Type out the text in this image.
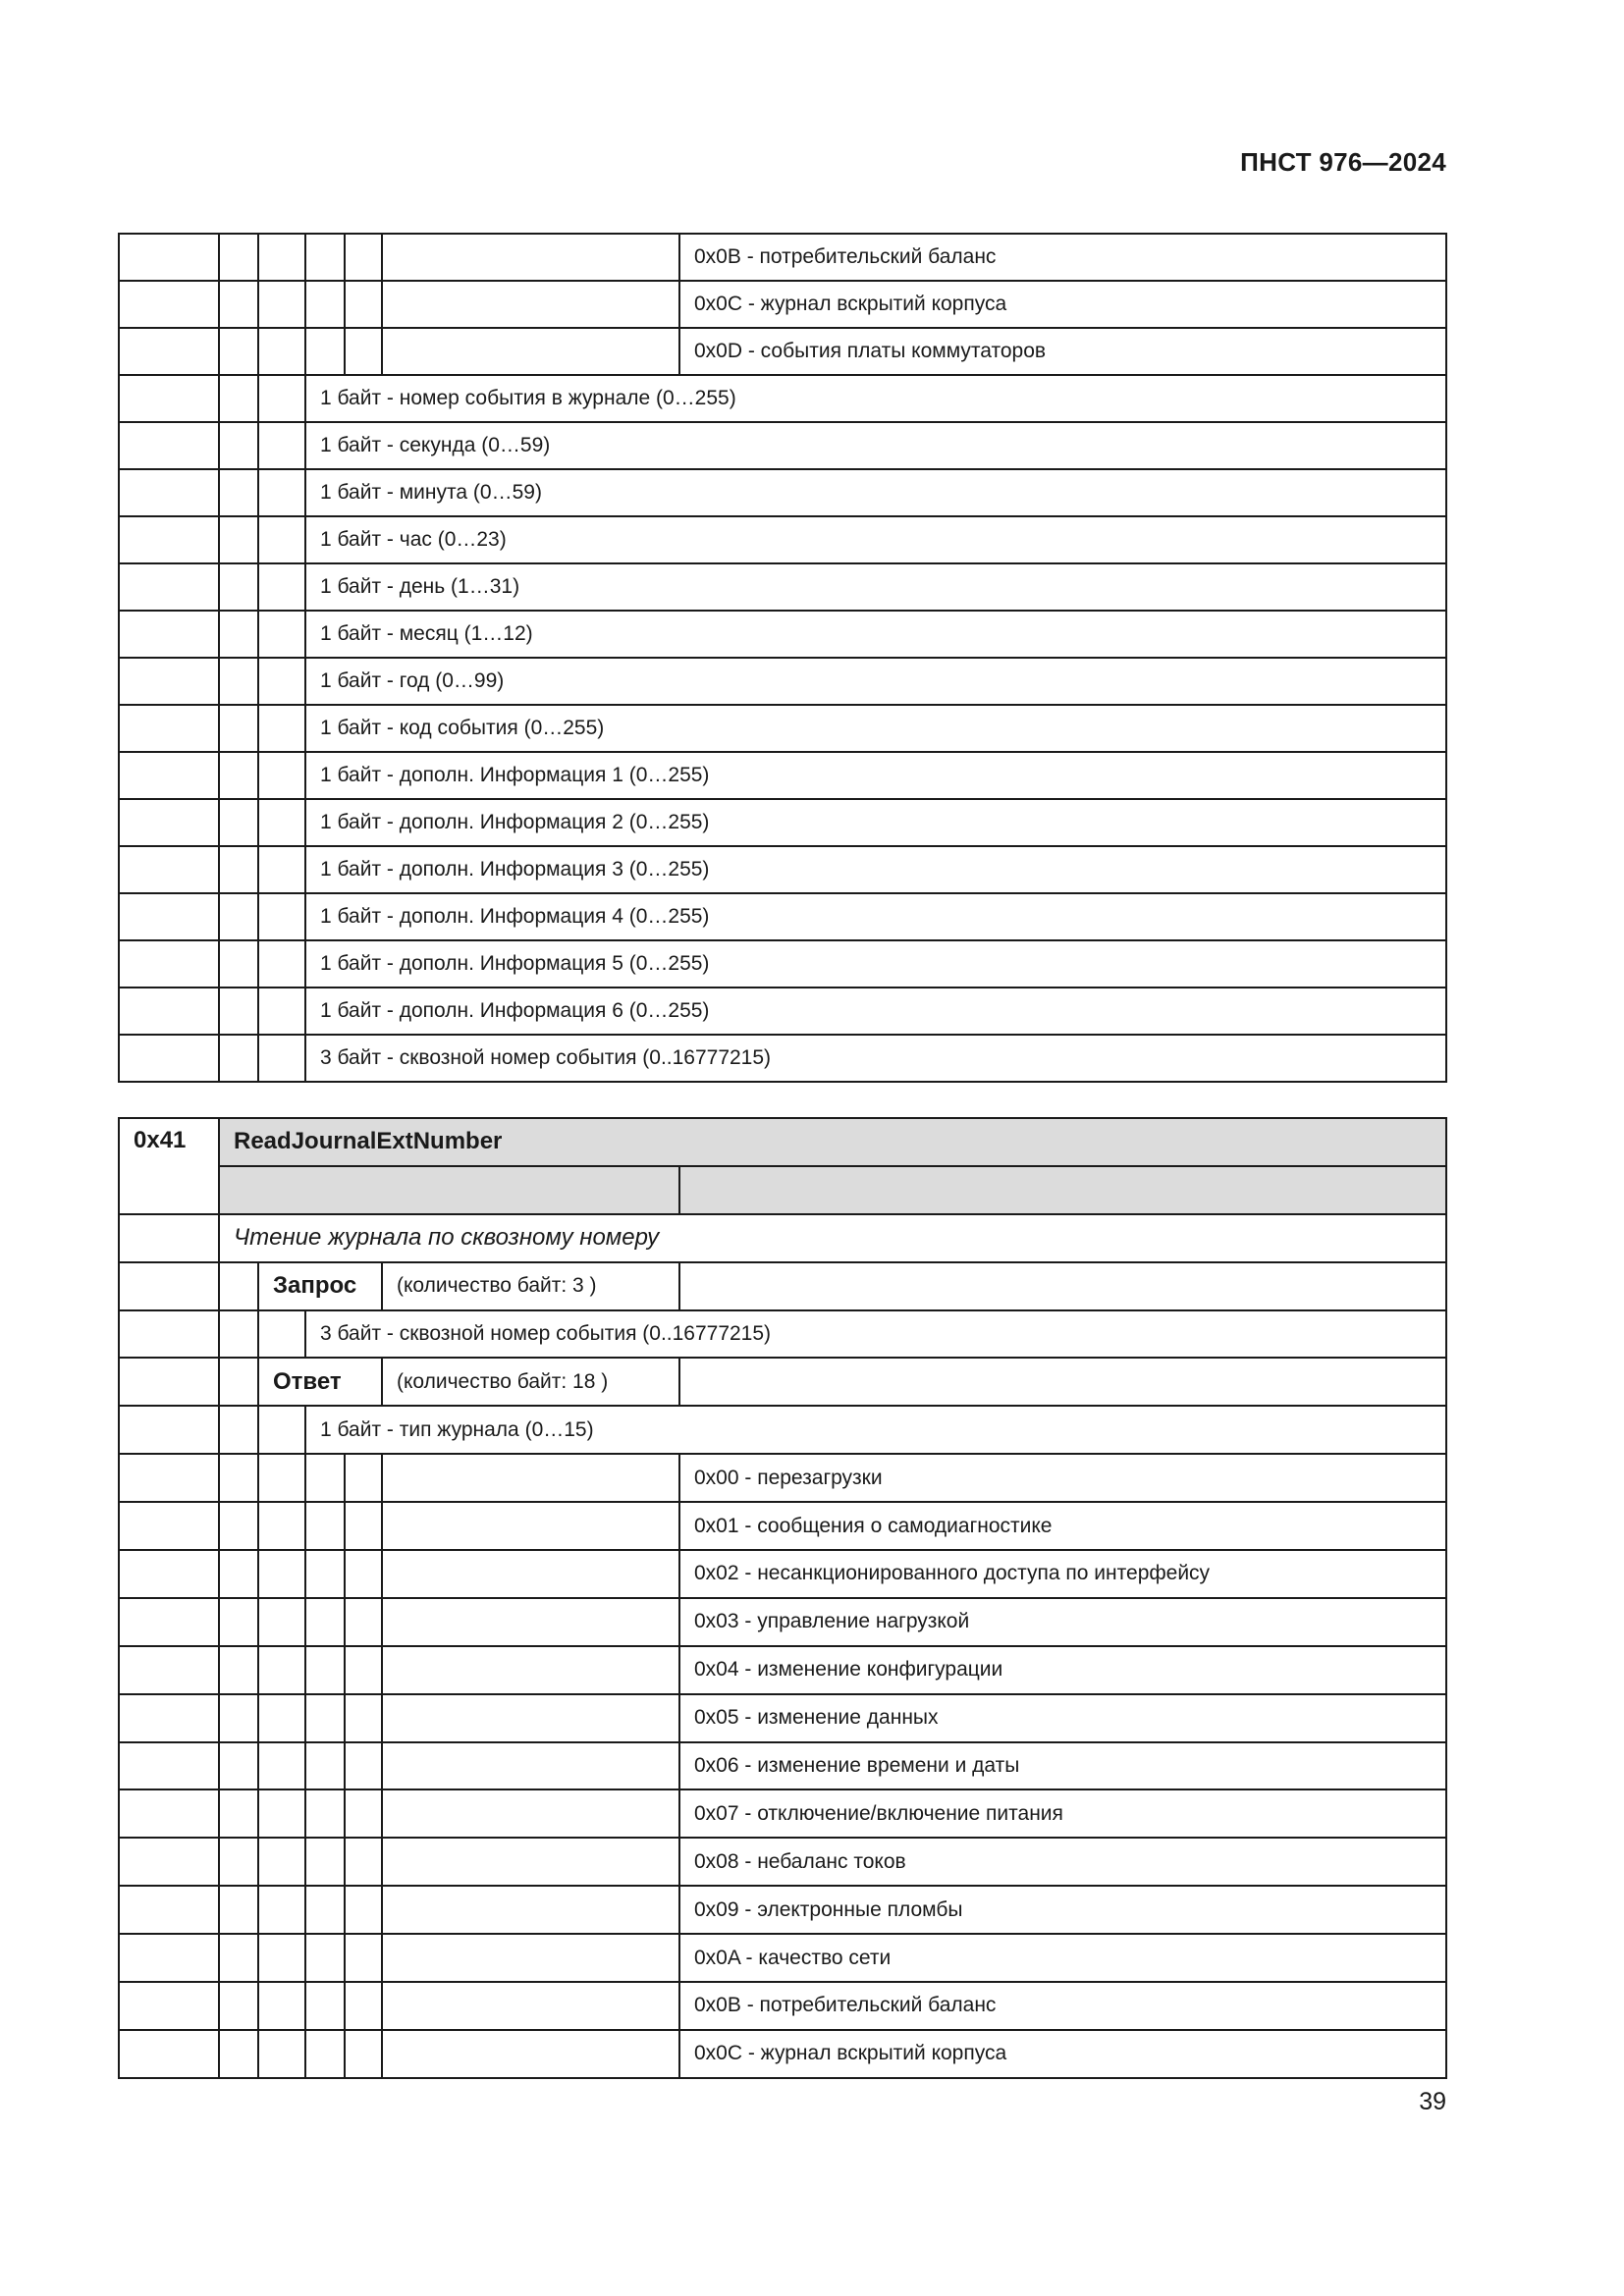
ПНСТ 976—2024
						0x0B - потребительский баланс
						0x0C - журнал вскрытий корпуса
						0x0D - события платы коммутаторов
			1 байт - номер события в журнале (0…255)			
			1 байт - секунда (0…59)			
			1 байт - минута (0…59)			
			1 байт - час (0…23)			
			1 байт - день (1…31)			
			1 байт - месяц (1…12)			
			1 байт - год (0…99)			
			1 байт - код события (0…255)			
			1 байт - дополн. Информация 1 (0…255)			
			1 байт - дополн. Информация 2 (0…255)			
			1 байт - дополн. Информация 3 (0…255)			
			1 байт - дополн. Информация 4 (0…255)			
			1 байт - дополн. Информация 5 (0…255)			
			1 байт - дополн. Информация 6 (0…255)			
			3 байт - сквозной номер события (0..16777215)			
0x41	ReadJournalExtNumber					

	Чтение журнала по сквозному номеру					
		Запрос			(количество байт: 3 )	
			3 байт - сквозной номер события (0..16777215)			
		Ответ			(количество байт: 18 )	
			1 байт - тип журнала (0…15)			
						0x00 - перезагрузки
						0x01 - сообщения о самодиагностике
						0x02 - несанкционированного доступа по интерфейсу
						0x03 - управление нагрузкой
						0x04 - изменение конфигурации
						0x05 - изменение данных
						0x06 - изменение времени и даты
						0x07 - отключение/включение питания
						0x08 - небаланс токов
						0x09 - электронные пломбы
						0x0A - качество сети
						0x0B - потребительский баланс
						0x0C - журнал вскрытий корпуса
39
